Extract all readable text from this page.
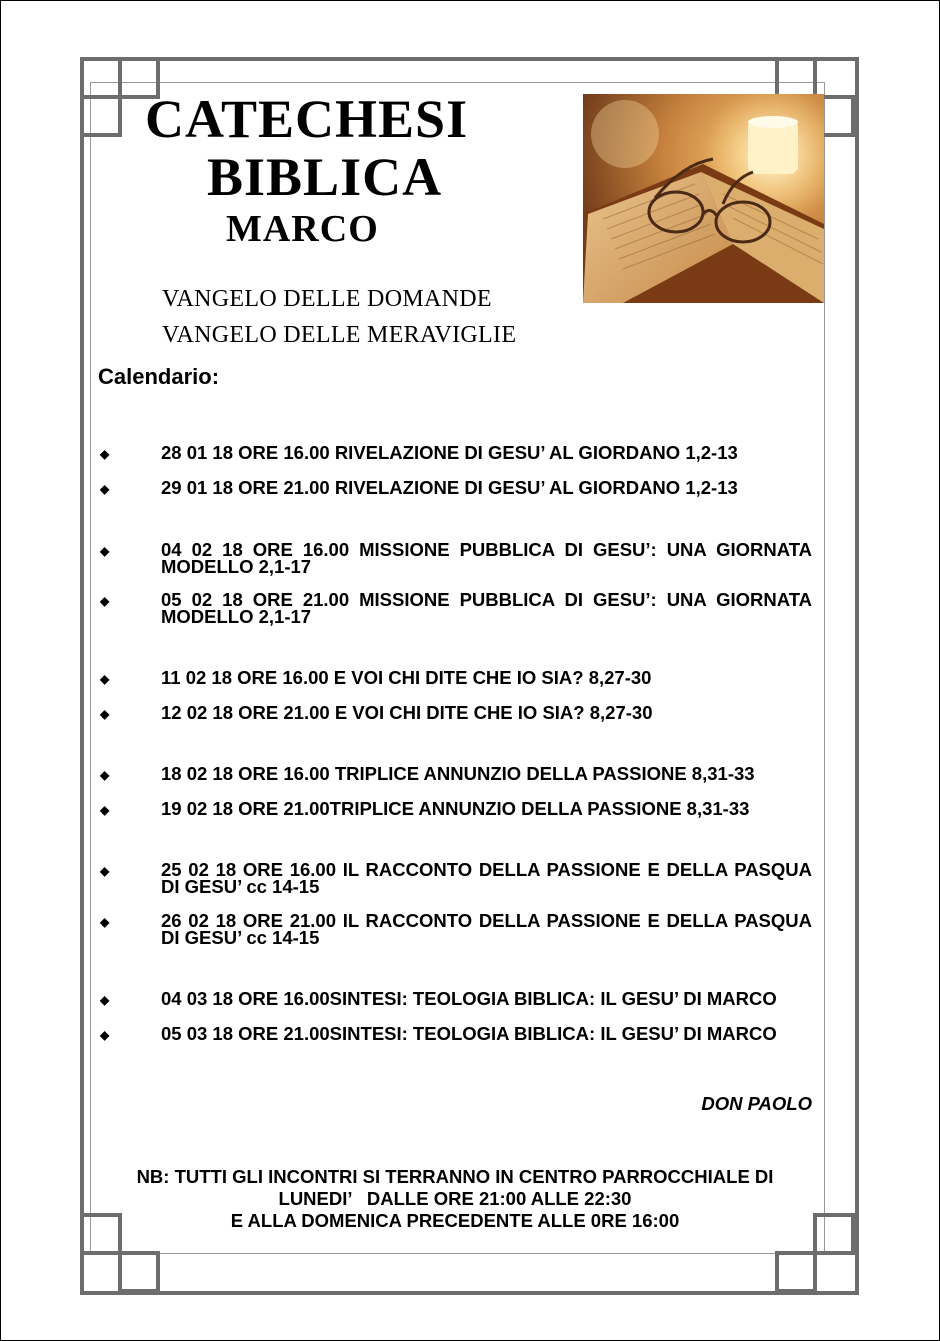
CATECHESI
BIBLICA
MARCO
VANGELO DELLE DOMANDE
VANGELO DELLE MERAVIGLIE
Calendario:
◆	28 01 18 ORE 16.00 RIVELAZIONE DI GESU’ AL GIORDANO 1,2-13
◆	29 01 18 ORE 21.00 RIVELAZIONE DI GESU’ AL GIORDANO 1,2-13
◆	04 02 18 ORE 16.00 MISSIONE PUBBLICA DI GESU’: UNA GIORNATA MODELLO 2,1-17
◆	05 02 18 ORE 21.00 MISSIONE PUBBLICA DI GESU’: UNA GIORNATA MODELLO 2,1-17
◆	11 02 18 ORE 16.00 E VOI CHI DITE CHE IO SIA? 8,27-30
◆	12 02 18 ORE 21.00 E VOI CHI DITE CHE IO SIA? 8,27-30
◆	18 02 18 ORE 16.00 TRIPLICE ANNUNZIO DELLA PASSIONE 8,31-33
◆	19 02 18 ORE 21.00TRIPLICE ANNUNZIO DELLA PASSIONE 8,31-33
◆	25 02 18 ORE 16.00 IL RACCONTO DELLA PASSIONE E DELLA PASQUA DI GESU’ cc 14-15
◆	26 02 18 ORE 21.00 IL RACCONTO DELLA PASSIONE E DELLA PASQUA DI GESU’ cc 14-15
◆	04 03 18 ORE 16.00SINTESI: TEOLOGIA BIBLICA: IL GESU’ DI MARCO
◆	05 03 18 ORE 21.00SINTESI: TEOLOGIA BIBLICA: IL GESU’ DI MARCO
DON PAOLO
NB: TUTTI GLI INCONTRI SI TERRANNO IN CENTRO PARROCCHIALE DI
LUNEDI’   DALLE ORE 21:00 ALLE 22:30
E ALLA DOMENICA PRECEDENTE ALLE 0RE 16:00
